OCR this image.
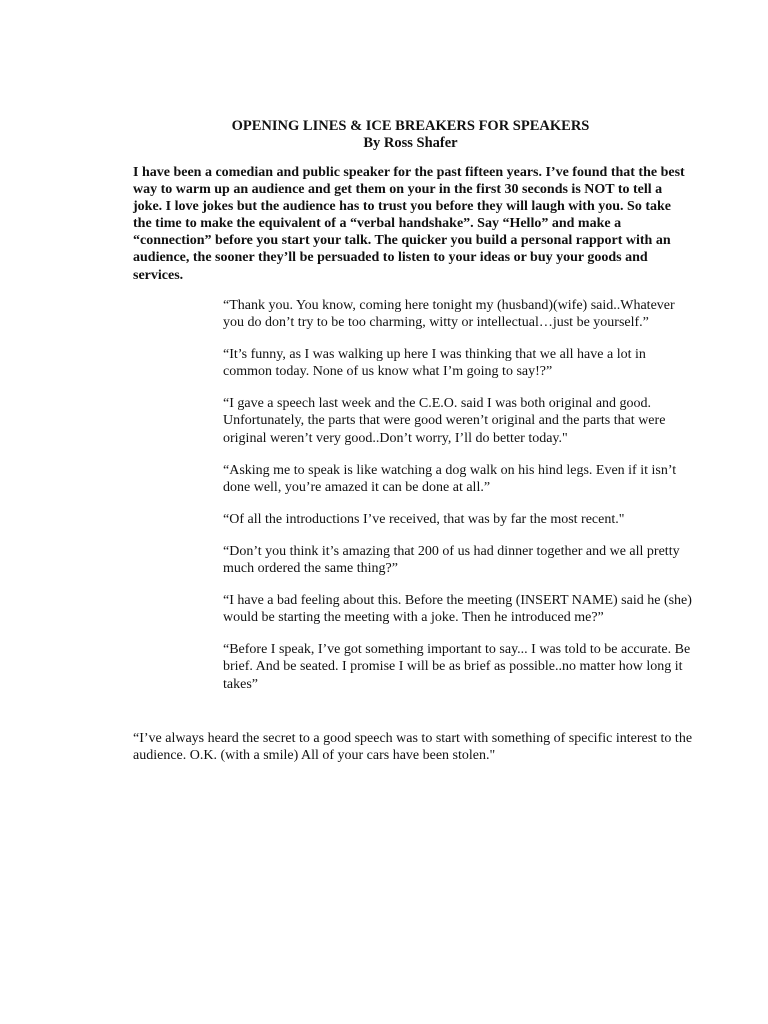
OPENING LINES & ICE BREAKERS FOR SPEAKERS
By Ross Shafer

I have been a comedian and public speaker for the past fifteen years. I’ve found that the best way to warm up an audience and get them on your in the first 30 seconds is NOT to tell a joke. I love jokes but the audience has to trust you before they will laugh with you. So take the time to make the equivalent of a “verbal handshake”. Say “Hello” and make a “connection” before you start your talk. The quicker you build a personal rapport with an audience, the sooner they’ll be persuaded to listen to your ideas or buy your goods and services.

“Thank you. You know, coming here tonight my (husband)(wife) said..Whatever you do don’t try to be too charming, witty or intellectual…just be yourself.”

“It’s funny, as I was walking up here I was thinking that we all have a lot in common today. None of us know what I’m going to say!?”

“I gave a speech last week and the C.E.O. said I was both original and good. Unfortunately, the parts that were good weren’t original and the parts that were original weren’t very good..Don’t worry, I’ll do better today."

“Asking me to speak is like watching a dog walk on his hind legs. Even if it isn’t done well, you’re amazed it can be done at all.”

“Of all the introductions I’ve received, that was by far the most recent."

“Don’t you think it’s amazing that 200 of us had dinner together and we all pretty much ordered the same thing?”

“I have a bad feeling about this. Before the meeting (INSERT NAME) said he (she) would be starting the meeting with a joke. Then he introduced me?”

“Before I speak, I’ve got something important to say... I was told to be accurate. Be brief. And be seated. I promise I will be as brief as possible..no matter how long it takes”

“I’ve always heard the secret to a good speech was to start with something of specific interest to the audience. O.K. (with a smile) All of your cars have been stolen."
